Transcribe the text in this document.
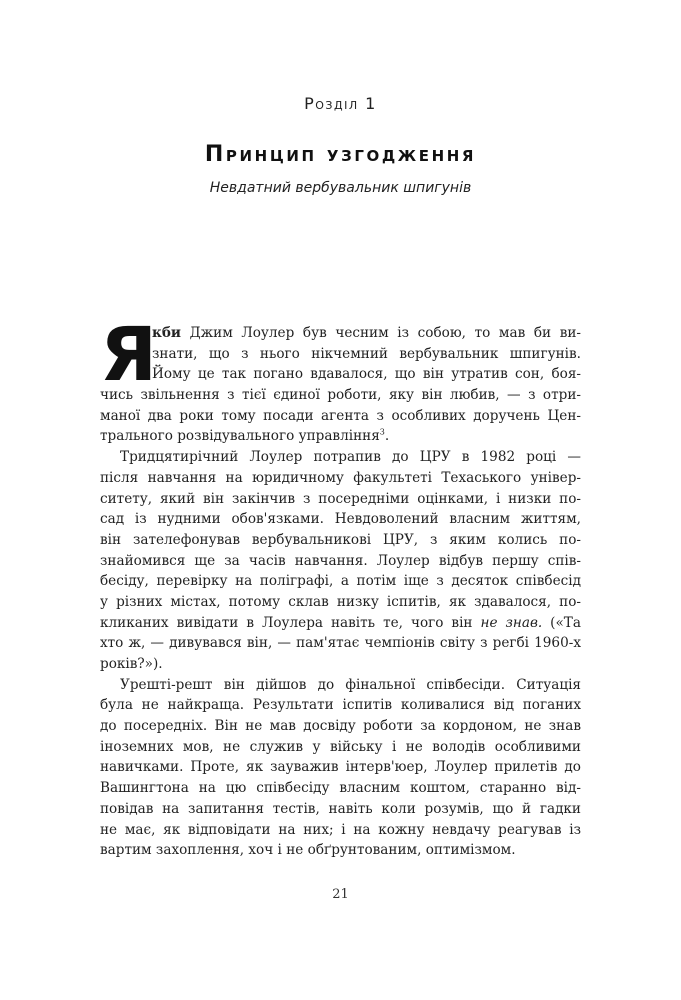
Розділ 1
Принцип узгодження
Невдатний вербувальник шпигунів
Я
кби Джим Лоулер був чесним із собою, то мав би ви-
знати, що з нього нікчемний вербувальник шпигунів.
Йому це так погано вдавалося, що він утратив сон, боя-
чись звільнення з тієї єдиної роботи, яку він любив, — з отри-
маної два роки тому посади агента з особливих доручень Цен-
трального розвідувального управління$^3$.
Тридцятирічний Лоулер потрапив до ЦРУ в 1982 році —
після навчання на юридичному факультеті Техаського універ-
ситету, який він закінчив з посередніми оцінками, і низки по-
сад із нудними обов'язками. Невдоволений власним життям,
він зателефонував вербувальникові ЦРУ, з яким колись по-
знайомився ще за часів навчання. Лоулер відбув першу спів-
бесіду, перевірку на поліграфі, а потім іще з десяток співбесід
у різних містах, потому склав низку іспитів, як здавалося, по-
кликаних вивідати в Лоулера навіть те, чого він не знав. («Та
хто ж, — дивувався він, — пам'ятає чемпіонів світу з регбі 1960-х
років?»).
Урешті-решт він дійшов до фінальної співбесіди. Ситуація
була не найкраща. Результати іспитів коливалися від поганих
до посередніх. Він не мав досвіду роботи за кордоном, не знав
іноземних мов, не служив у війську і не володів особливими
навичками. Проте, як зауважив інтерв'юер, Лоулер прилетів до
Вашингтона на цю співбесіду власним коштом, старанно від-
повідав на запитання тестів, навіть коли розумів, що й гадки
не має, як відповідати на них; і на кожну невдачу реагував із
вартим захоплення, хоч і не обґрунтованим, оптимізмом.
21
